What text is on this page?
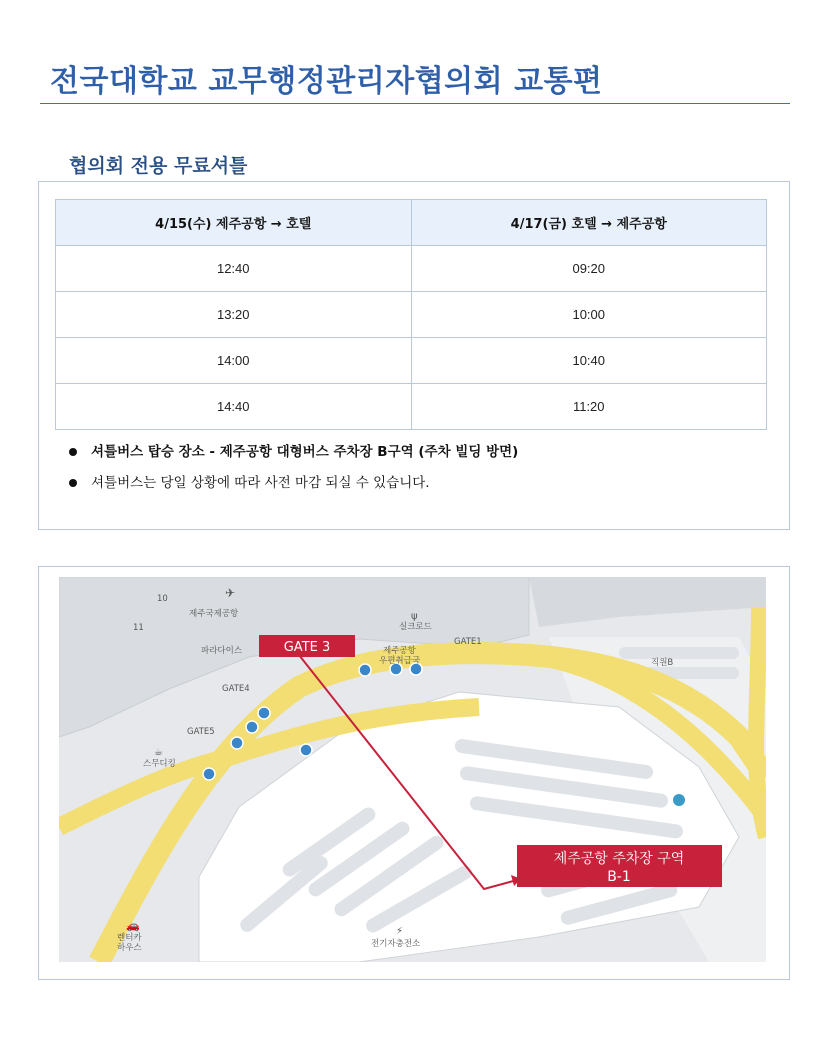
전국대학교 교무행정관리자협의회 교통편
협의회 전용 무료셔틀
4/15(수) 제주공항 → 호텔	4/17(금) 호텔 → 제주공항
12:40	09:20
13:20	10:00
14:00	10:40
14:40	11:20
셔틀버스 탑승 장소 - 제주공항 대형버스 주차장 B구역 (주차 빌딩 방면)
셔틀버스는 당일 상황에 따라 사전 마감 되실 수 있습니다.
10
11
제주국제공항
실크로드
GATE1
파라다이스	제주공항
우편취급국
GATE4
GATE5
스무디킹
직원B
렌터카
하우스	전기자충전소
✈
ψ
☕
🚗	⚡
GATE 3
제주공항 주차장 구역
B-1
